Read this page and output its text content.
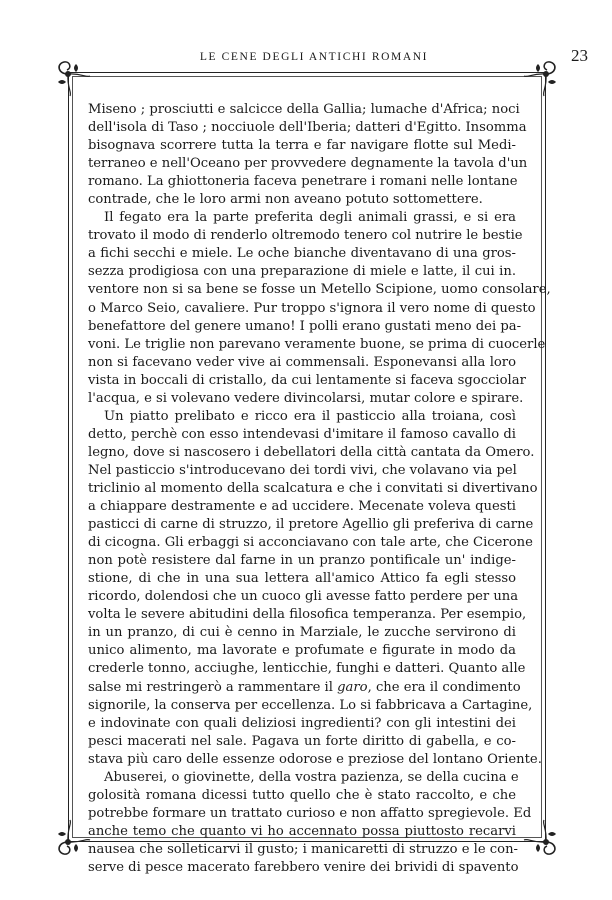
LE CENE DEGLI ANTICHI ROMANI	23
Miseno ; prosciutti e salcicce della Gallia; lumache d'Africa; noci
dell'isola di Taso ; nocciuole dell'Iberia; datteri d'Egitto. Insomma
bisognava scorrere tutta la terra e far navigare flotte sul Medi-
terraneo e nell'Oceano per provvedere degnamente la tavola d'un
romano. La ghiottoneria faceva penetrare i romani nelle lontane
contrade, che le loro armi non aveano potuto sottomettere.
Il fegato era la parte preferita degli animali grassi, e si era
trovato il modo di renderlo oltremodo tenero col nutrire le bestie
a fichi secchi e miele. Le oche bianche diventavano di una gros-
sezza prodigiosa con una preparazione di miele e latte, il cui in.
ventore non si sa bene se fosse un Metello Scipione, uomo consolare,
o Marco Seio, cavaliere. Pur troppo s'ignora il vero nome di questo
benefattore del genere umano! I polli erano gustati meno dei pa-
voni. Le triglie non parevano veramente buone, se prima di cuocerle
non si facevano veder vive ai commensali. Esponevansi alla loro
vista in boccali di cristallo, da cui lentamente si faceva sgocciolar
l'acqua, e si volevano vedere divincolarsi, mutar colore e spirare.
Un piatto prelibato e ricco era il pasticcio alla troiana, così
detto, perchè con esso intendevasi d'imitare il famoso cavallo di
legno, dove si nascosero i debellatori della città cantata da Omero.
Nel pasticcio s'introducevano dei tordi vivi, che volavano via pel
triclinio al momento della scalcatura e che i convitati si divertivano
a chiappare destramente e ad uccidere. Mecenate voleva questi
pasticci di carne di struzzo, il pretore Agellio gli preferiva di carne
di cicogna. Gli erbaggi si acconciavano con tale arte, che Cicerone
non potè resistere dal farne in un pranzo pontificale un' indige-
stione, di che in una sua lettera all'amico Attico fa egli stesso
ricordo, dolendosi che un cuoco gli avesse fatto perdere per una
volta le severe abitudini della filosofica temperanza. Per esempio,
in un pranzo, di cui è cenno in Marziale, le zucche servirono di
unico alimento, ma lavorate e profumate e figurate in modo da
crederle tonno, acciughe, lenticchie, funghi e datteri. Quanto alle
salse mi restringerò a rammentare il garo, che era il condimento
signorile, la conserva per eccellenza. Lo si fabbricava a Cartagine,
e indovinate con quali deliziosi ingredienti? con gli intestini dei
pesci macerati nel sale. Pagava un forte diritto di gabella, e co-
stava più caro delle essenze odorose e preziose del lontano Oriente.
Abuserei, o giovinette, della vostra pazienza, se della cucina e
golosità romana dicessi tutto quello che è stato raccolto, e che
potrebbe formare un trattato curioso e non affatto spregievole. Ed
anche temo che quanto vi ho accennato possa piuttosto recarvi
nausea che solleticarvi il gusto; i manicaretti di struzzo e le con-
serve di pesce macerato farebbero venire dei brividi di spavento
